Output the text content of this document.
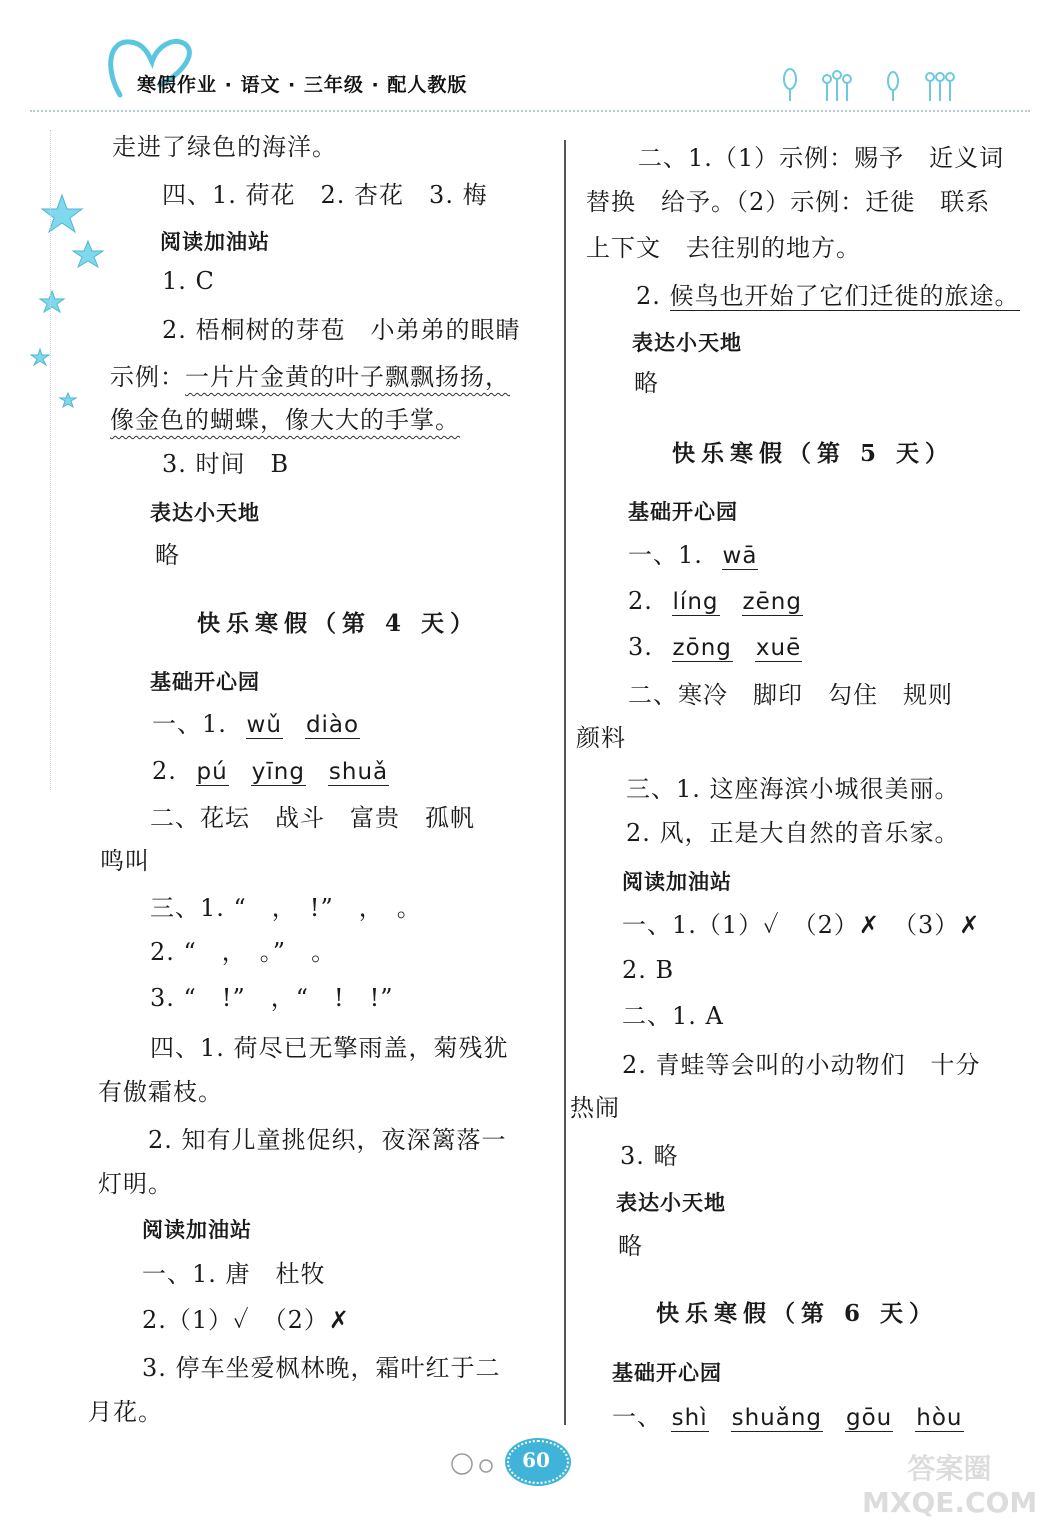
寒假作业 · 语文 · 三年级 · 配人教版
走进了绿色的海洋。
四、1. 荷花　2. 杏花　3. 梅
阅读加油站
1. C
2. 梧桐树的芽苞　小弟弟的眼睛
示例：一片片金黄的叶子飘飘扬扬，
像金色的蝴蝶，像大大的手掌。
3. 时间　B
表达小天地
略
快乐寒假（第 4 天）
基础开心园
一、1. wǔ diào
2. pú yīng shuǎ
二、花坛　战斗　富贵　孤帆
鸣叫
三、1. “　，　!”　，　。
2. “　，　。”　。
3. “　!”　，“　!　!”
四、1. 荷尽已无擎雨盖，菊残犹
有傲霜枝。
2. 知有儿童挑促织，夜深篱落一
灯明。
阅读加油站
一、1. 唐　杜牧
2.（1）✓　（2）✗
3. 停车坐爱枫林晚，霜叶红于二
月花。
二、1.（1）示例：赐予　近义词
替换　给予。（2）示例：迁徙　联系
上下文　去往别的地方。
2. 候鸟也开始了它们迁徙的旅途。
表达小天地
略
快乐寒假（第 5 天）
基础开心园
一、1. wā
2. líng zēng
3. zōng xuē
二、寒冷　脚印　勾住　规则
颜料
三、1. 这座海滨小城很美丽。
2. 风，正是大自然的音乐家。
阅读加油站
一、1.（1）✓　（2）✗　（3）✗
2. B
二、1. A
2. 青蛙等会叫的小动物们　十分
热闹
3. 略
表达小天地
略
快乐寒假（第 6 天）
基础开心园
一、 shì shuǎng gōu hòu
60	答案圈 MXQE.COM
